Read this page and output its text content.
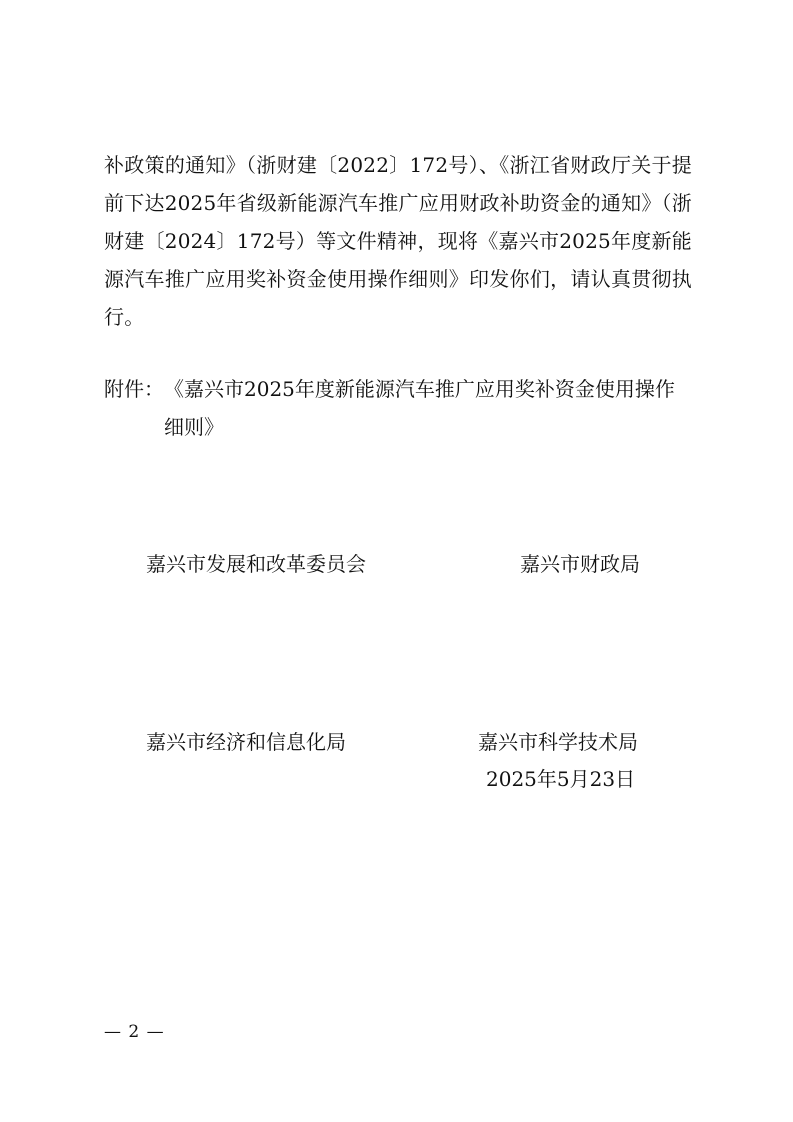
补政策的通知》（浙财建〔2022〕172号）、《浙江省财政厅关于提前下达2025年省级新能源汽车推广应用财政补助资金的通知》（浙财建〔2024〕172号）等文件精神，现将《嘉兴市2025年度新能源汽车推广应用奖补资金使用操作细则》印发你们，请认真贯彻执行。
附件： 《嘉兴市2025年度新能源汽车推广应用奖补资金使用操作细则》
嘉兴市发展和改革委员会	嘉兴市财政局
嘉兴市经济和信息化局	嘉兴市科学技术局
2025年5月23日
— 2 —
